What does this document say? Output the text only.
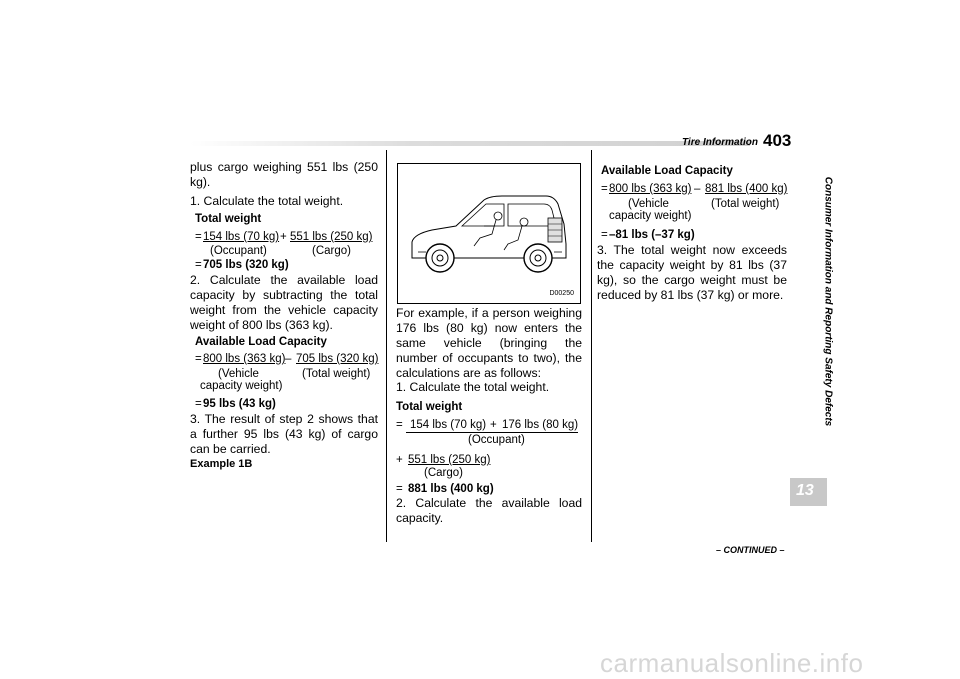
Tire Information 403
Consumer Information and Reporting Safety Defects
13

plus cargo weighing 551 lbs (250 kg).

1. Calculate the total weight.

Total weight
= 154 lbs (70 kg) + 551 lbs (250 kg)
(Occupant)	(Cargo)
= 705 lbs (320 kg)

2. Calculate the available load capacity by subtracting the total weight from the vehicle capacity weight of 800 lbs (363 kg).

Available Load Capacity
= 800 lbs (363 kg) – 705 lbs (320 kg)
(Vehicle
capacity weight)
(Total weight)
= 95 lbs (43 kg)

3. The result of step 2 shows that a further 95 lbs (43 kg) of cargo can be carried.

Example 1B
D00250

For example, if a person weighing 176 lbs (80 kg) now enters the same vehicle (bringing the number of occupants to two), the calculations are as follows:

1. Calculate the total weight.

Total weight
= 154 lbs (70 kg) + 176 lbs (80 kg)
(Occupant)
+ 551 lbs (250 kg)
(Cargo)
= 881 lbs (400 kg)

2. Calculate the available load

capacity.

Available Load Capacity
= 800 lbs (363 kg) – 881 lbs (400 kg)
(Vehicle
capacity weight)
(Total weight)
= –81 lbs (–37 kg)

3. The total weight now exceeds the capacity weight by 81 lbs (37 kg), so the cargo weight must be reduced by 81 lbs (37 kg) or more.

– CONTINUED –
carmanualsonline.info
